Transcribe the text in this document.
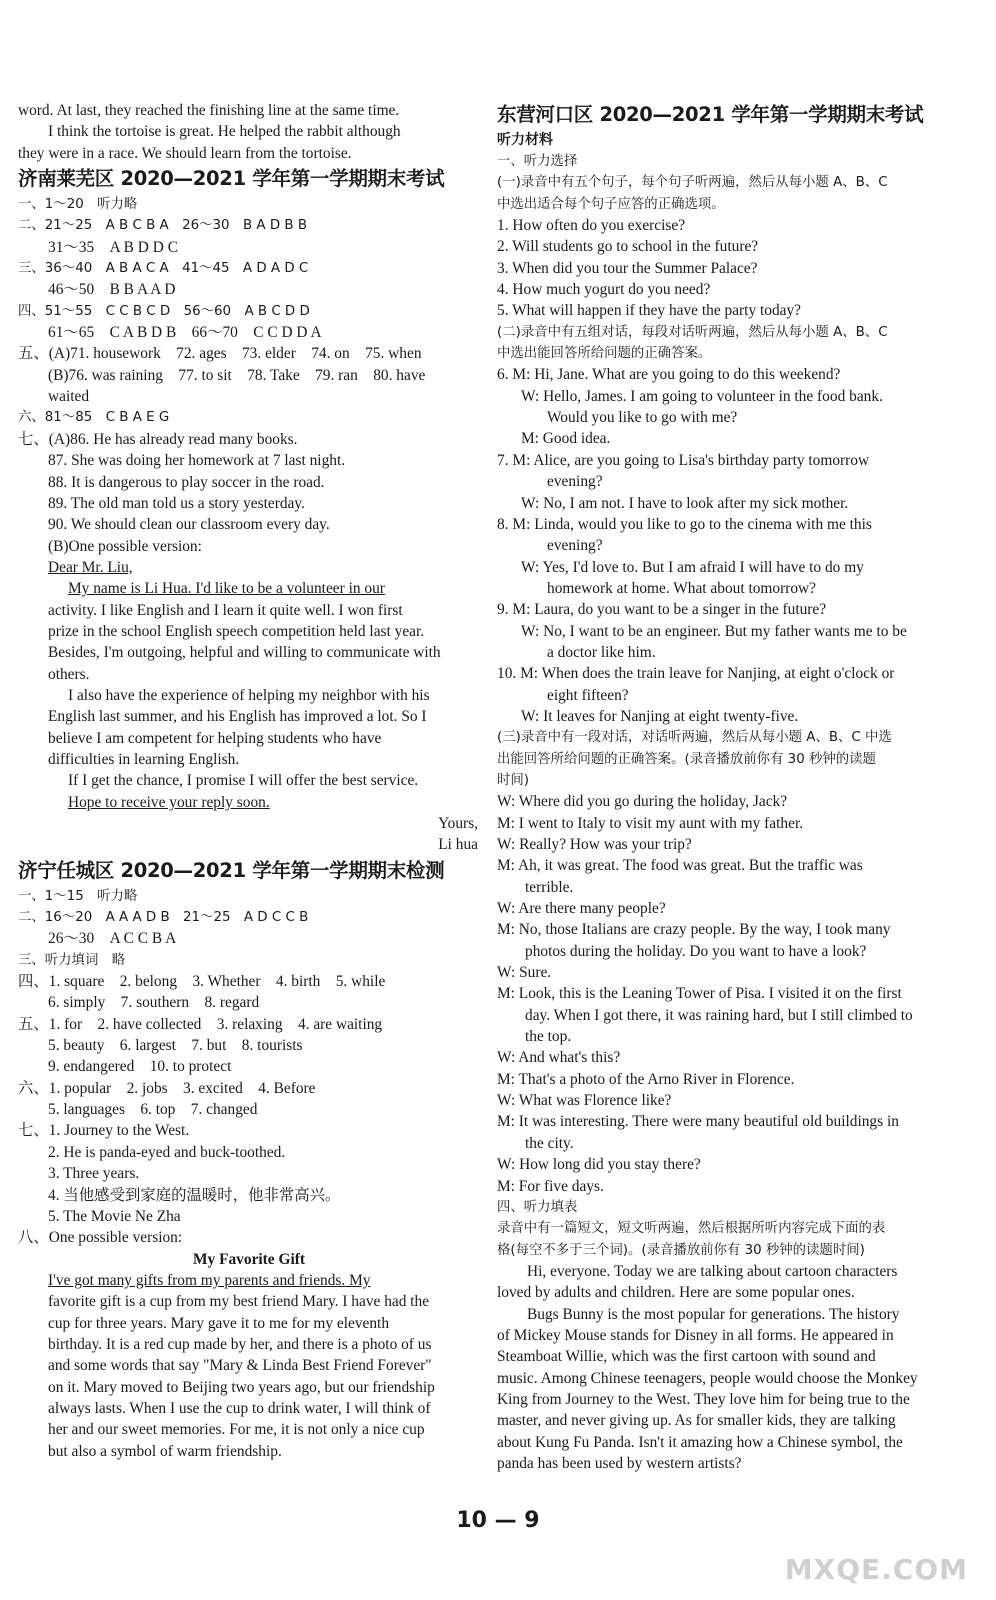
word. At last, they reached the finishing line at the same time.
I think the tortoise is great. He helped the rabbit although
they were in a race. We should learn from the tortoise.
济南莱芜区 2020—2021 学年第一学期期末考试
一、1～20　听力略
二、21～25　A B C B A　26～30　B A D B B
31～35　A B D D C
三、36～40　A B A C A　41～45　A D A D C
46～50　B B A A D
四、51～55　C C B C D　56～60　A B C D D
61～65　C A B D B　66～70　C C D D A
五、(A)71. housework　72. ages　73. elder　74. on　75. when
(B)76. was raining　77. to sit　78. Take　79. ran　80. have
waited
六、81～85　C B A E G
七、(A)86. He has already read many books.
87. She was doing her homework at 7 last night.
88. It is dangerous to play soccer in the road.
89. The old man told us a story yesterday.
90. We should clean our classroom every day.
(B)One possible version:
Dear Mr. Liu,
My name is Li Hua. I'd like to be a volunteer in our
activity. I like English and I learn it quite well. I won first
prize in the school English speech competition held last year.
Besides, I'm outgoing, helpful and willing to communicate with
others.
I also have the experience of helping my neighbor with his
English last summer, and his English has improved a lot. So I
believe I am competent for helping students who have
difficulties in learning English.
If I get the chance, I promise I will offer the best service.
Hope to receive your reply soon.
Yours,
Li hua
济宁任城区 2020—2021 学年第一学期期末检测
一、1～15　听力略
二、16～20　A A A D B　21～25　A D C C B
26～30　A C C B A
三、听力填词　略
四、1. square　2. belong　3. Whether　4. birth　5. while
6. simply　7. southern　8. regard
五、1. for　2. have collected　3. relaxing　4. are waiting
5. beauty　6. largest　7. but　8. tourists
9. endangered　10. to protect
六、1. popular　2. jobs　3. excited　4. Before
5. languages　6. top　7. changed
七、1. Journey to the West.
2. He is panda-eyed and buck-toothed.
3. Three years.
4. 当他感受到家庭的温暖时，他非常高兴。
5. The Movie Ne Zha
八、One possible version:
My Favorite Gift
I've got many gifts from my parents and friends. My
favorite gift is a cup from my best friend Mary. I have had the
cup for three years. Mary gave it to me for my eleventh
birthday. It is a red cup made by her, and there is a photo of us
and some words that say "Mary & Linda Best Friend Forever"
on it. Mary moved to Beijing two years ago, but our friendship
always lasts. When I use the cup to drink water, I will think of
her and our sweet memories. For me, it is not only a nice cup
but also a symbol of warm friendship.
东营河口区 2020—2021 学年第一学期期末考试
听力材料
一、听力选择
(一)录音中有五个句子，每个句子听两遍，然后从每小题 A、B、C
中选出适合每个句子应答的正确选项。
1. How often do you exercise?
2. Will students go to school in the future?
3. When did you tour the Summer Palace?
4. How much yogurt do you need?
5. What will happen if they have the party today?
(二)录音中有五组对话，每段对话听两遍，然后从每小题 A、B、C
中选出能回答所给问题的正确答案。
6. M: Hi, Jane. What are you going to do this weekend?
W: Hello, James. I am going to volunteer in the food bank.
Would you like to go with me?
M: Good idea.
7. M: Alice, are you going to Lisa's birthday party tomorrow
evening?
W: No, I am not. I have to look after my sick mother.
8. M: Linda, would you like to go to the cinema with me this
evening?
W: Yes, I'd love to. But I am afraid I will have to do my
homework at home. What about tomorrow?
9. M: Laura, do you want to be a singer in the future?
W: No, I want to be an engineer. But my father wants me to be
a doctor like him.
10. M: When does the train leave for Nanjing, at eight o'clock or
eight fifteen?
W: It leaves for Nanjing at eight twenty-five.
(三)录音中有一段对话，对话听两遍，然后从每小题 A、B、C 中选
出能回答所给问题的正确答案。(录音播放前你有 30 秒钟的读题
时间)
W: Where did you go during the holiday, Jack?
M: I went to Italy to visit my aunt with my father.
W: Really? How was your trip?
M: Ah, it was great. The food was great. But the traffic was
terrible.
W: Are there many people?
M: No, those Italians are crazy people. By the way, I took many
photos during the holiday. Do you want to have a look?
W: Sure.
M: Look, this is the Leaning Tower of Pisa. I visited it on the first
day. When I got there, it was raining hard, but I still climbed to
the top.
W: And what's this?
M: That's a photo of the Arno River in Florence.
W: What was Florence like?
M: It was interesting. There were many beautiful old buildings in
the city.
W: How long did you stay there?
M: For five days.
四、听力填表
录音中有一篇短文，短文听两遍，然后根据所听内容完成下面的表
格(每空不多于三个词)。(录音播放前你有 30 秒钟的读题时间)
Hi, everyone. Today we are talking about cartoon characters
loved by adults and children. Here are some popular ones.
Bugs Bunny is the most popular for generations. The history
of Mickey Mouse stands for Disney in all forms. He appeared in
Steamboat Willie, which was the first cartoon with sound and
music. Among Chinese teenagers, people would choose the Monkey
King from Journey to the West. They love him for being true to the
master, and never giving up. As for smaller kids, they are talking
about Kung Fu Panda. Isn't it amazing how a Chinese symbol, the
panda has been used by western artists?
10 — 9
MXQE.COM
